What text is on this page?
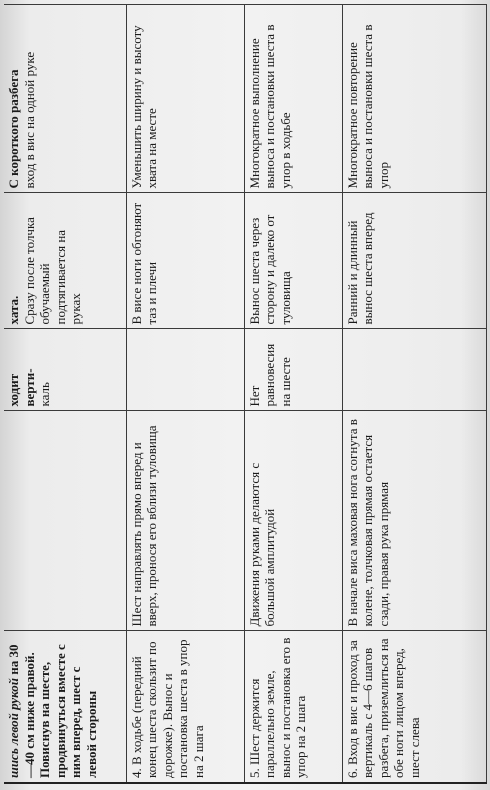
шись левой рукой на 30—40 см ниже правой. Повиснув на шесте, продвинуться вместе с ним вперед, шест с левой стороны		ходит верти- каль	хата. Сразу после толчка обучаемый подтягивается на руках	С короткого разбега вход в вис на одной руке

4. В ходьбе (передний конец шеста скользит по дорожке). Вынос и постановка шеста в упор на 2 шага	Шест направлять прямо вперед и вверх, пронося его вблизи туловища		В висе ноги обгоняют таз и плечи	Уменьшить ширину и высоту хвата на месте

5. Шест держится параллельно земле, вынос и постановка его в упор на 2 шага	Движения руками делаются с большой амплитудой	Нет равновесия на шесте	Вынос шеста через сторону и далеко от туловища	Многократное выполнение выноса и постановки шеста в упор в ходьбе

6. Вход в вис и проход за вертикаль с 4—6 шагов разбега, приземлиться на обе ноги лицом вперед, шест слева	В начале виса маховая нога согнута в колене, толчковая прямая остается сзади, правая рука прямая		Ранний и длинный вынос шеста вперед	Многократное повторение выноса и постановки шеста в упор
